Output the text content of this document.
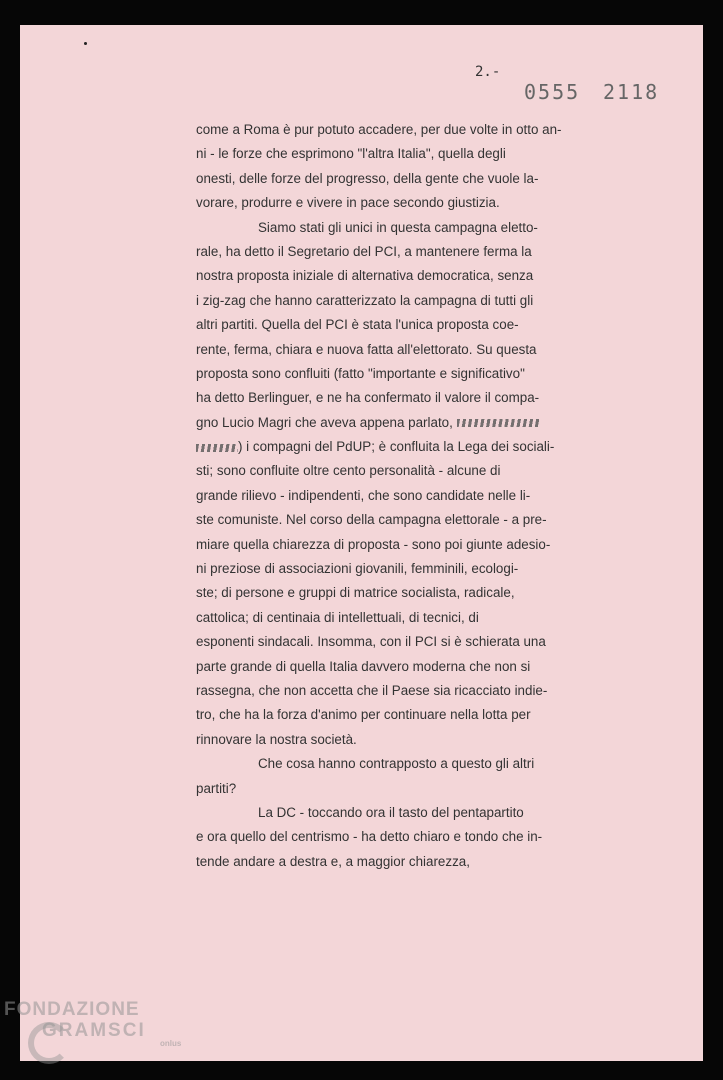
2.-
0555 2118
come a Roma è pur potuto accadere, per due volte in otto an-
ni - le forze che esprimono "l'altra Italia", quella degli
onesti, delle forze del progresso, della gente che vuole la-
vorare, produrre e vivere in pace secondo giustizia.
Siamo stati gli unici in questa campagna eletto-
rale, ha detto il Segretario del PCI, a mantenere ferma la
nostra proposta iniziale di alternativa democratica, senza
i zig-zag che hanno caratterizzato la campagna di tutti gli
altri partiti. Quella del PCI è stata l'unica proposta coe-
rente, ferma, chiara e nuova fatta all'elettorato. Su questa
proposta sono confluiti (fatto "importante e significativo"
ha detto Berlinguer, e ne ha confermato il valore il compa-
gno Lucio Magri che aveva appena parlato,
) i compagni del PdUP; è confluita la Lega dei sociali-
sti; sono confluite oltre cento personalità - alcune di
grande rilievo - indipendenti, che sono candidate nelle li-
ste comuniste. Nel corso della campagna elettorale - a pre-
miare quella chiarezza di proposta - sono poi giunte adesio-
ni preziose di associazioni giovanili, femminili, ecologi-
ste; di persone e gruppi di matrice socialista, radicale,
cattolica; di centinaia di intellettuali, di tecnici, di
esponenti sindacali. Insomma, con il PCI si è schierata una
parte grande di quella Italia davvero moderna che non si
rassegna, che non accetta che il Paese sia ricacciato indie-
tro, che ha la forza d'animo per continuare nella lotta per
rinnovare la nostra società.
Che cosa hanno contrapposto a questo gli altri
partiti?
La DC - toccando ora il tasto del pentapartito
e ora quello del centrismo - ha detto chiaro e tondo che in-
tende andare a destra e, a maggior chiarezza,
FONDAZIONE
GRAMSCI
onlus
